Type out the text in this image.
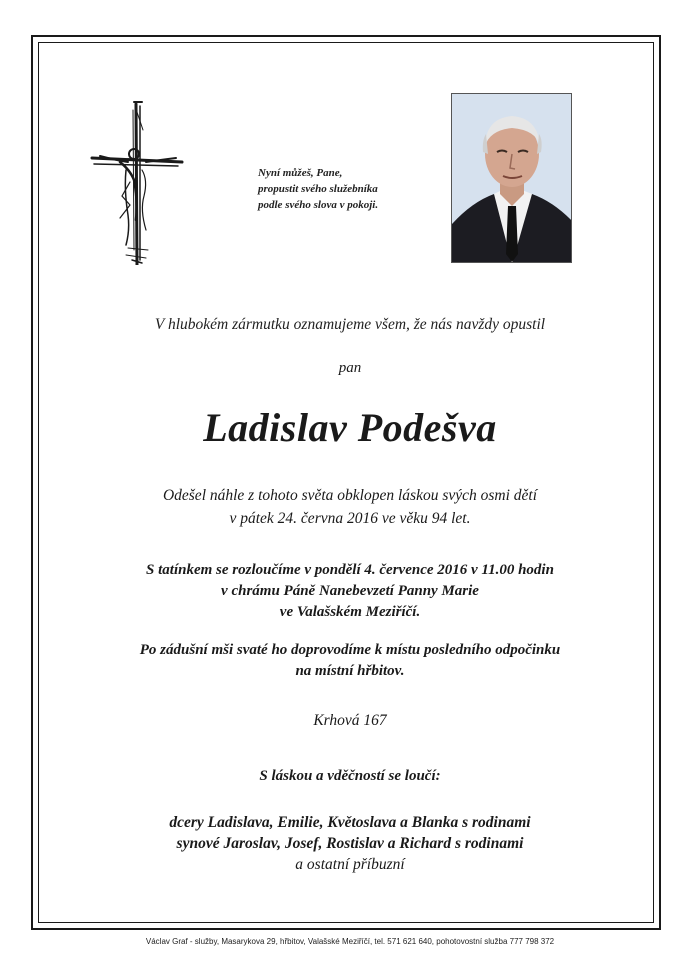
Nyní můžeš, Pane,
propustit svého služebníka
podle svého slova v pokoji.
V hlubokém zármutku oznamujeme všem, že nás navždy opustil
pan
Ladislav Podešva
Odešel náhle z tohoto světa obklopen láskou svých osmi dětí
v pátek 24. června 2016 ve věku 94 let.
S tatínkem se rozloučíme v pondělí 4. července 2016 v 11.00 hodin
v chrámu Páně Nanebevzetí Panny Marie
ve Valašském Meziříčí.
Po zádušní mši svaté ho doprovodíme k místu posledního odpočinku
na místní hřbitov.
Krhová 167
S láskou a vděčností se loučí:
dcery Ladislava, Emilie, Květoslava a Blanka s rodinami
synové Jaroslav, Josef, Rostislav a Richard s rodinami
a ostatní příbuzní
Václav Graf - služby, Masarykova 29, hřbitov, Valašské Meziříčí, tel. 571 621 640, pohotovostní služba 777 798 372
